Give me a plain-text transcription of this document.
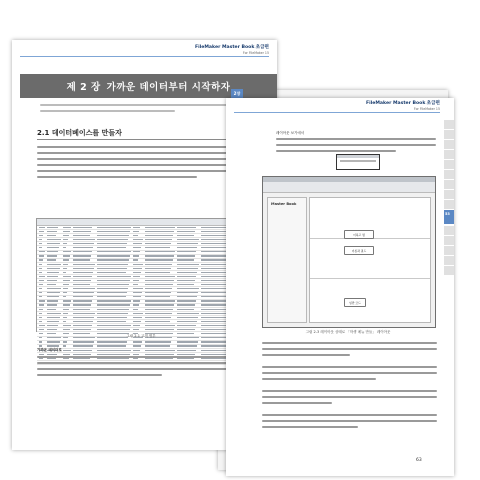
FileMaker Master Book 초급편
For FileMaker 15
제 2 장 가까운 데이터부터 시작하자
2.1 데이터베이스를 만들자
그림 2-1 고객 명부
가까운 데이터로
2장
FileMaker Master Book 초급편
For FileMaker 15
53
레이아웃 보기에서
Master Book
이하고 명
이름과 필드
일반 코드
그림 2-3 레이아웃 상태로 「학생 메뉴 만들」 레이아웃
63
